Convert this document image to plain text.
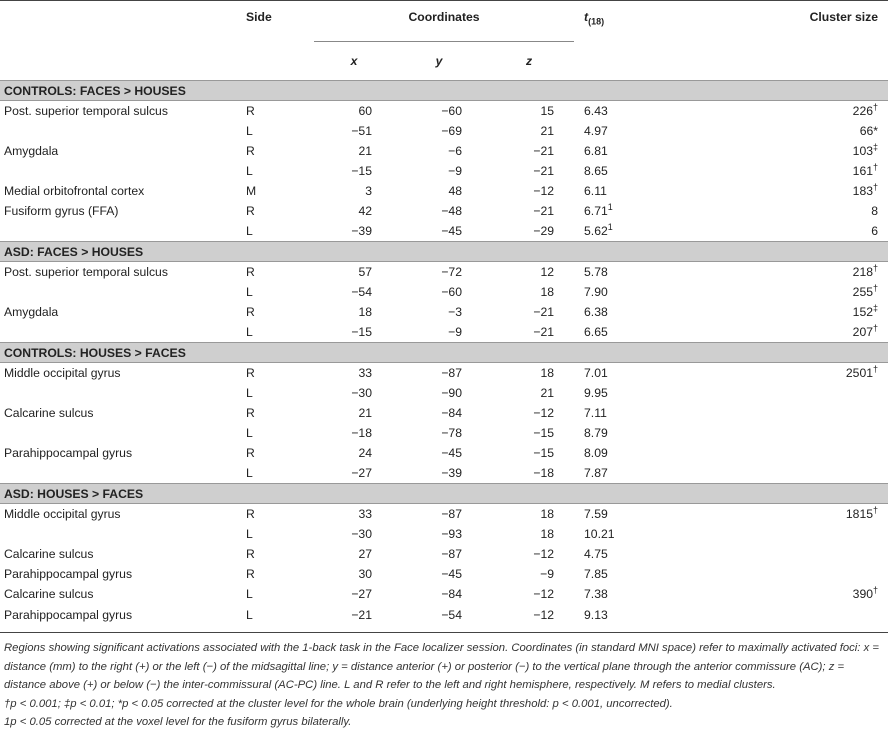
	Side	Coordinates			$t_{(18)}$	Cluster size
		x	y	z		
CONTROLS: FACES > HOUSES						
Post. superior temporal sulcus	R	60	−60	15	6.43	226†
	L	−51	−69	21	4.97	66*
Amygdala	R	21	−6	−21	6.81	103‡
	L	−15	−9	−21	8.65	161†
Medial orbitofrontal cortex	M	3	48	−12	6.11	183†
Fusiform gyrus (FFA)	R	42	−48	−21	6.71$^1$	8
	L	−39	−45	−29	5.62$^1$	6
ASD: FACES > HOUSES						
Post. superior temporal sulcus	R	57	−72	12	5.78	218†
	L	−54	−60	18	7.90	255†
Amygdala	R	18	−3	−21	6.38	152‡
	L	−15	−9	−21	6.65	207†
CONTROLS: HOUSES > FACES						
Middle occipital gyrus	R	33	−87	18	7.01	2501†
	L	−30	−90	21	9.95	
Calcarine sulcus	R	21	−84	−12	7.11	
	L	−18	−78	−15	8.79	
Parahippocampal gyrus	R	24	−45	−15	8.09	
	L	−27	−39	−18	7.87	
ASD: HOUSES > FACES						
Middle occipital gyrus	R	33	−87	18	7.59	1815†
	L	−30	−93	18	10.21	
Calcarine sulcus	R	27	−87	−12	4.75	
Parahippocampal gyrus	R	30	−45	−9	7.85	
Calcarine sulcus	L	−27	−84	−12	7.38	390†
Parahippocampal gyrus	L	−21	−54	−12	9.13	

Regions showing significant activations associated with the 1-back task in the Face localizer session. Coordinates (in standard MNI space) refer to maximally activated foci: x = distance (mm) to the right (+) or the left (−) of the midsagittal line; y = distance anterior (+) or posterior (−) to the vertical plane through the anterior commissure (AC); z = distance above (+) or below (−) the inter-commissural (AC-PC) line. L and R refer to the left and right hemisphere, respectively. M refers to medial clusters.

†p < 0.001; ‡p < 0.01; *p < 0.05 corrected at the cluster level for the whole brain (underlying height threshold: p < 0.001, uncorrected).

1p < 0.05 corrected at the voxel level for the fusiform gyrus bilaterally.
